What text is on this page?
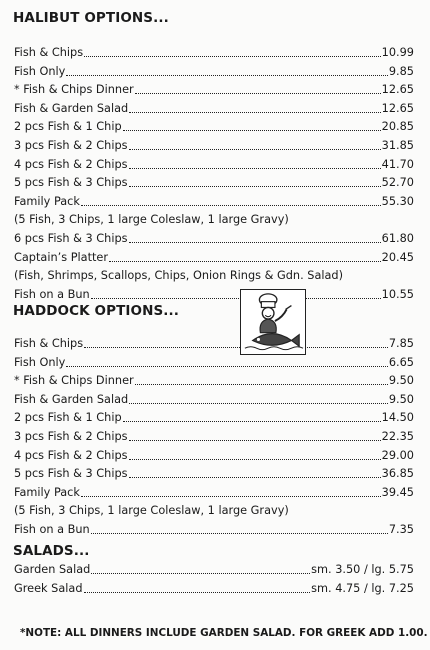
HALIBUT OPTIONS...
Fish & Chips	10.99
Fish Only	9.85
* Fish & Chips Dinner	12.65
Fish & Garden Salad	12.65
2 pcs Fish & 1 Chip	20.85
3 pcs Fish & 2 Chips	31.85
4 pcs Fish & 2 Chips	41.70
5 pcs Fish & 3 Chips	52.70
Family Pack	55.30
(5 Fish, 3 Chips, 1 large Coleslaw, 1 large Gravy)
6 pcs Fish & 3 Chips	61.80
Captain’s Platter	20.45
(Fish, Shrimps, Scallops, Chips, Onion Rings & Gdn. Salad)
Fish on a Bun	10.55
HADDOCK OPTIONS...
Fish & Chips	7.85
Fish Only	6.65
* Fish & Chips Dinner	9.50
Fish & Garden Salad	9.50
2 pcs Fish & 1 Chip	14.50
3 pcs Fish & 2 Chips	22.35
4 pcs Fish & 2 Chips	29.00
5 pcs Fish & 3 Chips	36.85
Family Pack	39.45
(5 Fish, 3 Chips, 1 large Coleslaw, 1 large Gravy)
Fish on a Bun	7.35
SALADS...
Garden Salad	sm. 3.50 / lg. 5.75
Greek Salad	sm. 4.75 / lg. 7.25

*NOTE: ALL DINNERS INCLUDE GARDEN SALAD. FOR GREEK ADD 1.00.
